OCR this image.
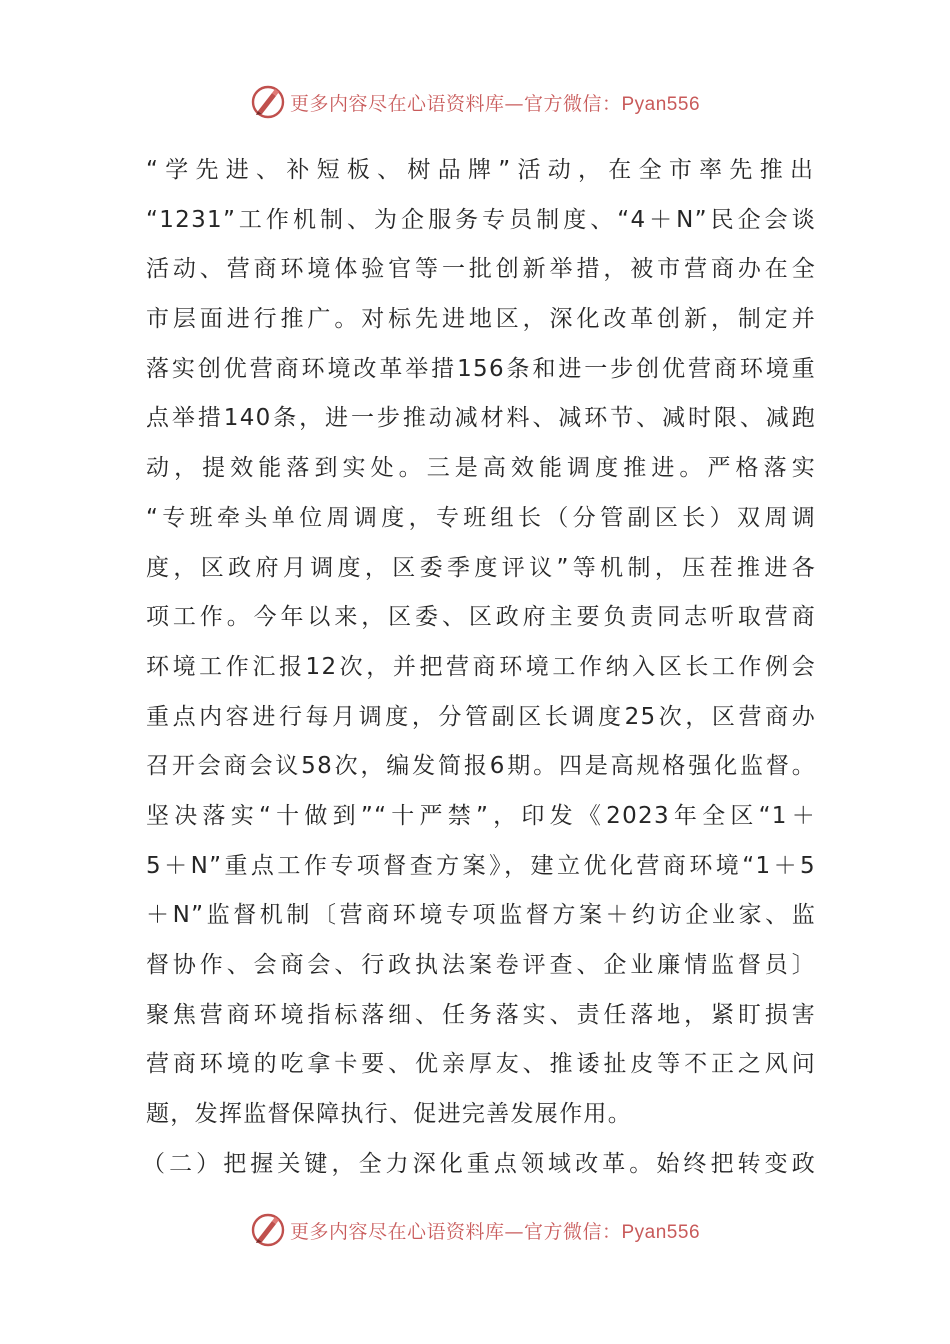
更多内容尽在心语资料库—官方微信：Pyan556
“学先进、补短板、树品牌”活动，在全市率先推出
“1231”工作机制、为企服务专员制度、“4＋N”民企会谈
活动、营商环境体验官等一批创新举措，被市营商办在全
市层面进行推广。对标先进地区，深化改革创新，制定并
落实创优营商环境改革举措156条和进一步创优营商环境重
点举措140条，进一步推动减材料、减环节、减时限、减跑
动，提效能落到实处。三是高效能调度推进。严格落实
“专班牵头单位周调度，专班组长（分管副区长）双周调
度，区政府月调度，区委季度评议”等机制，压茬推进各
项工作。今年以来，区委、区政府主要负责同志听取营商
环境工作汇报12次，并把营商环境工作纳入区长工作例会
重点内容进行每月调度，分管副区长调度25次，区营商办
召开会商会议58次，编发简报6期。四是高规格强化监督。
坚决落实“十做到”“十严禁”，印发《2023年全区“1＋
5＋N”重点工作专项督查方案》，建立优化营商环境“1＋5
＋N”监督机制〔营商环境专项监督方案＋约访企业家、监
督协作、会商会、行政执法案卷评查、企业廉情监督员〕
聚焦营商环境指标落细、任务落实、责任落地，紧盯损害
营商环境的吃拿卡要、优亲厚友、推诿扯皮等不正之风问
题，发挥监督保障执行、促进完善发展作用。
（二）把握关键，全力深化重点领域改革。始终把转变政
更多内容尽在心语资料库—官方微信：Pyan556
